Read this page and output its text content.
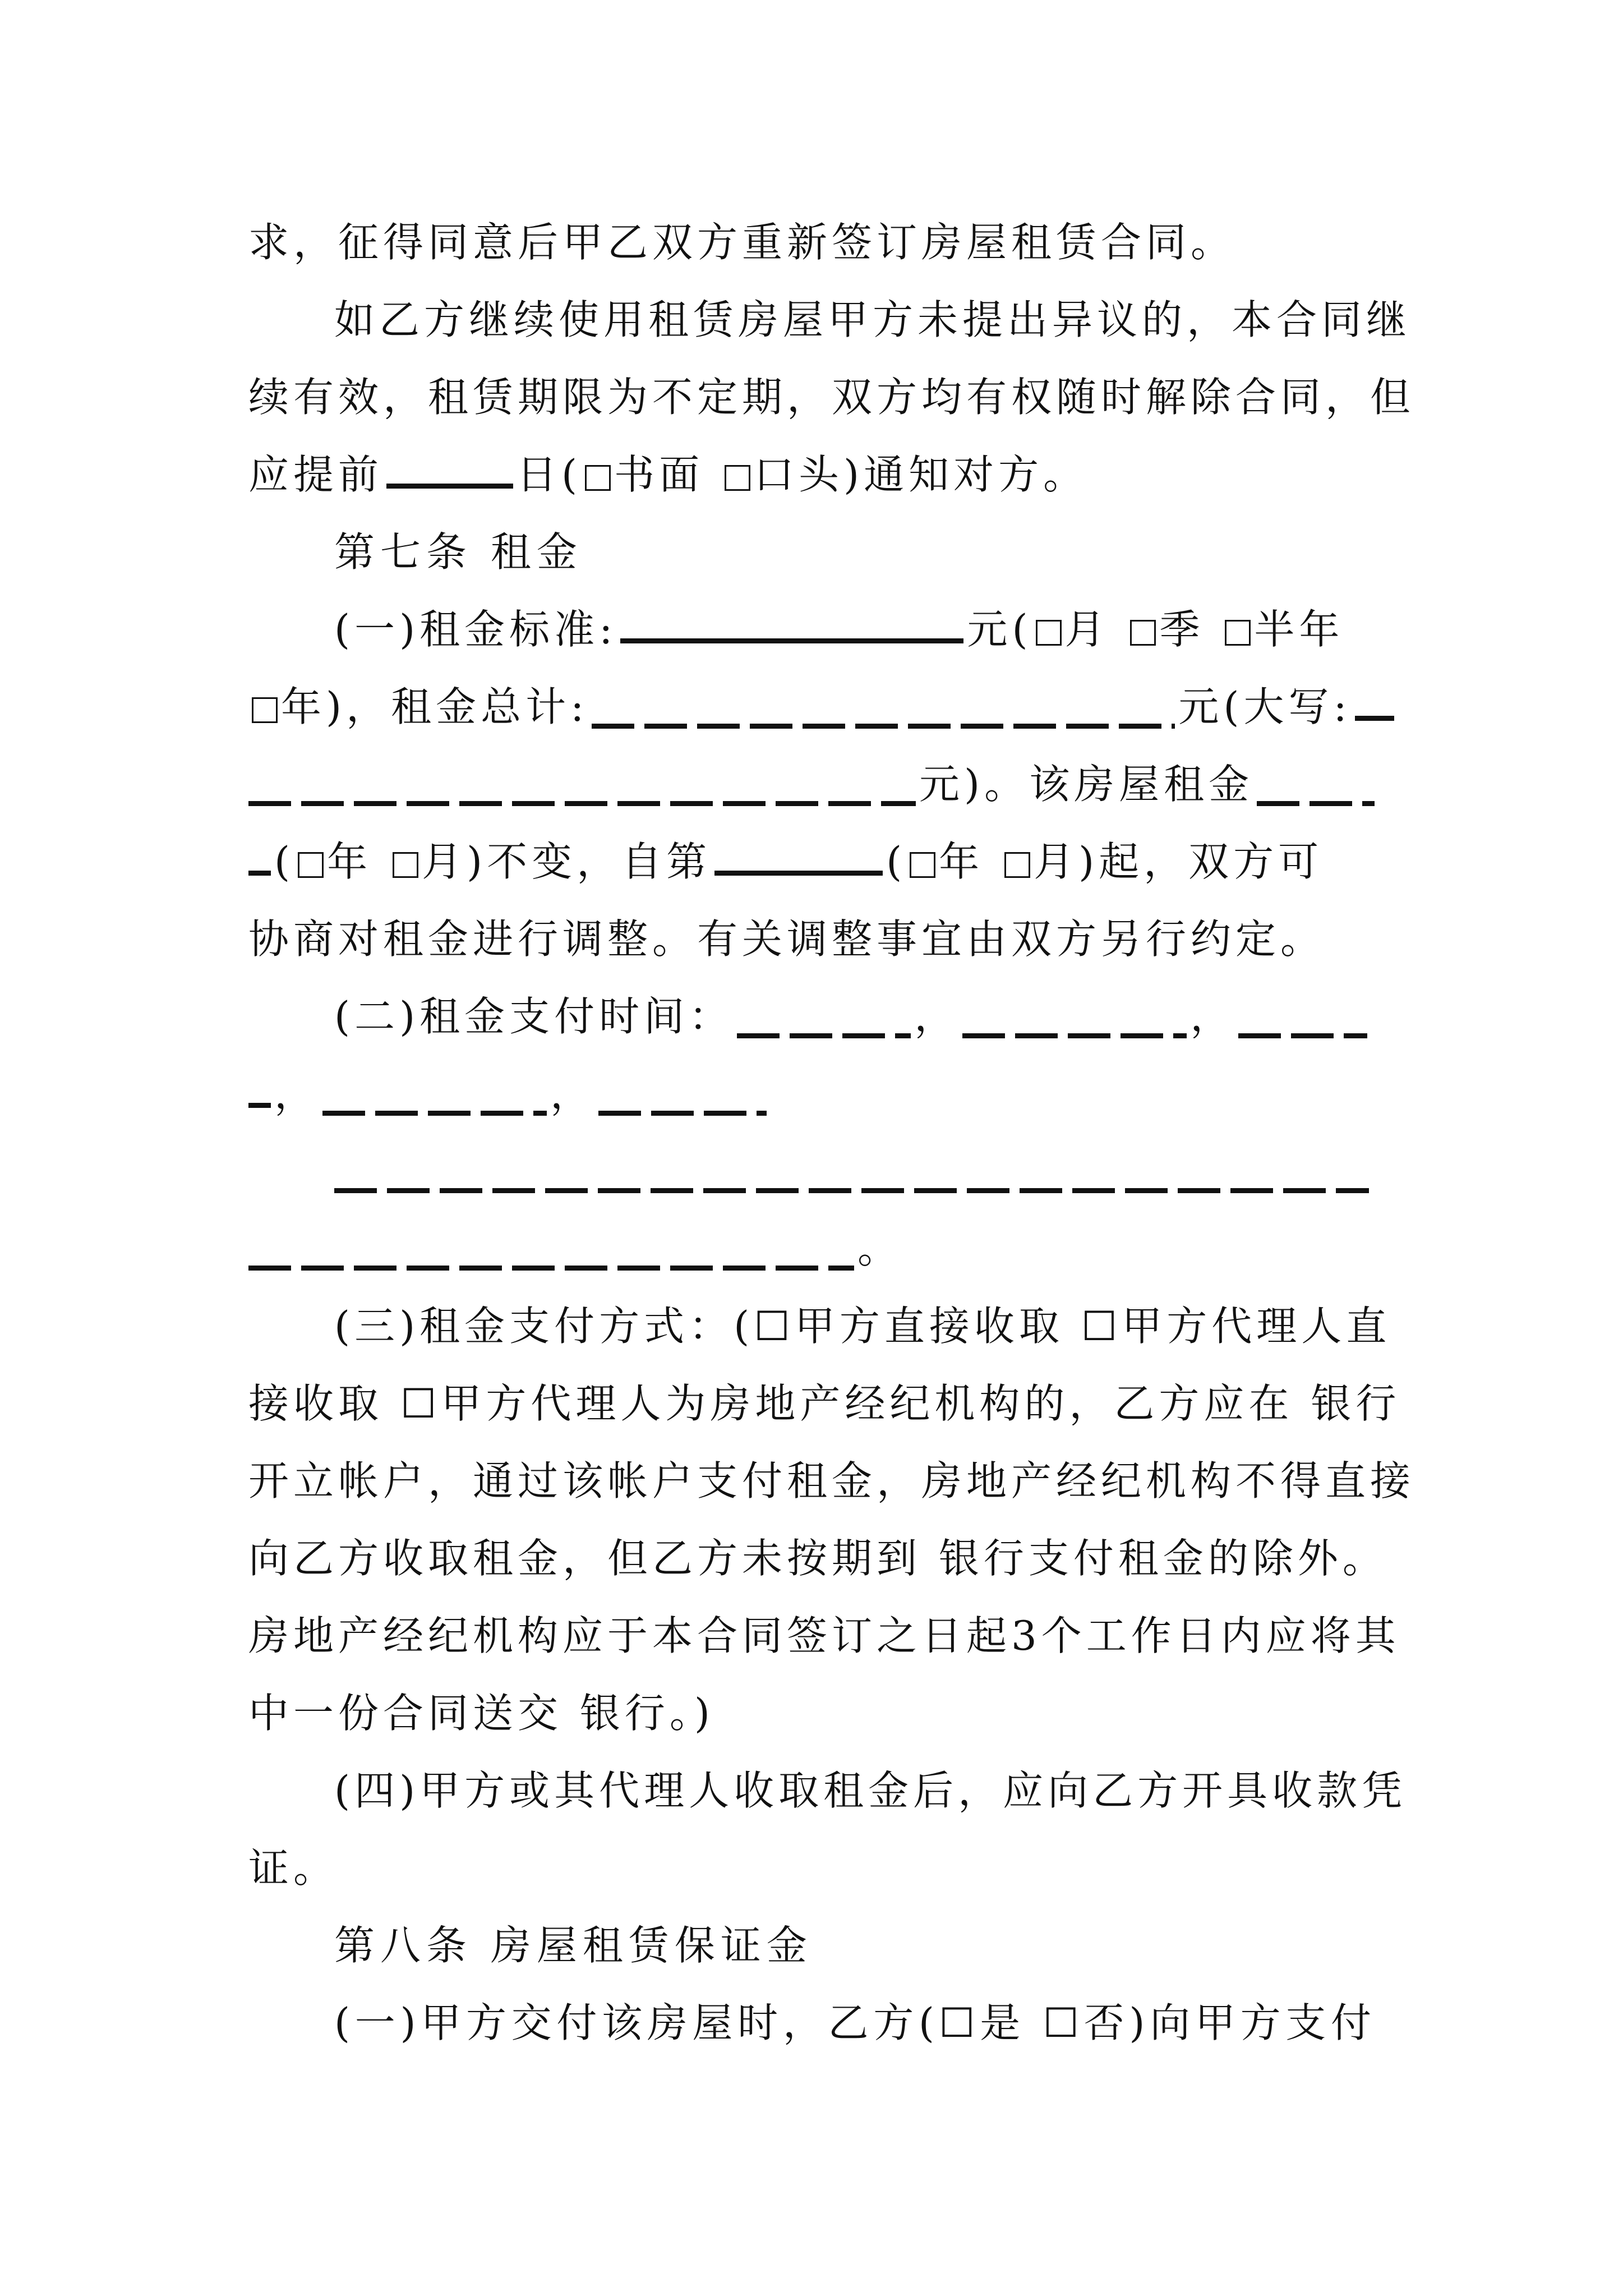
求，征得同意后甲乙双方重新签订房屋租赁合同。
如乙方继续使用租赁房屋甲方未提出异议的，本合同继
续有效，租赁期限为不定期，双方均有权随时解除合同，但
应提前	日( 书面 口头)通知对方。
第七条 租金
(一)租金标准:	元( 月 季 半年
年)，租金总计:	元(大写:
元)。该房屋租金
( 年 月)不变，自第	( 年 月)起，双方可
协商对租金进行调整。有关调整事宜由双方另行约定。
(二)租金支付时间：	，	，
，	，
。
(三)租金支付方式：(☐甲方直接收取 ☐甲方代理人直
接收取 ☐甲方代理人为房地产经纪机构的，乙方应在 银行
开立帐户，通过该帐户支付租金，房地产经纪机构不得直接
向乙方收取租金，但乙方未按期到 银行支付租金的除外。
房地产经纪机构应于本合同签订之日起3个工作日内应将其
中一份合同送交 银行。)
(四)甲方或其代理人收取租金后，应向乙方开具收款凭
证。
第八条 房屋租赁保证金
(一)甲方交付该房屋时，乙方(☐是 ☐否)向甲方支付
